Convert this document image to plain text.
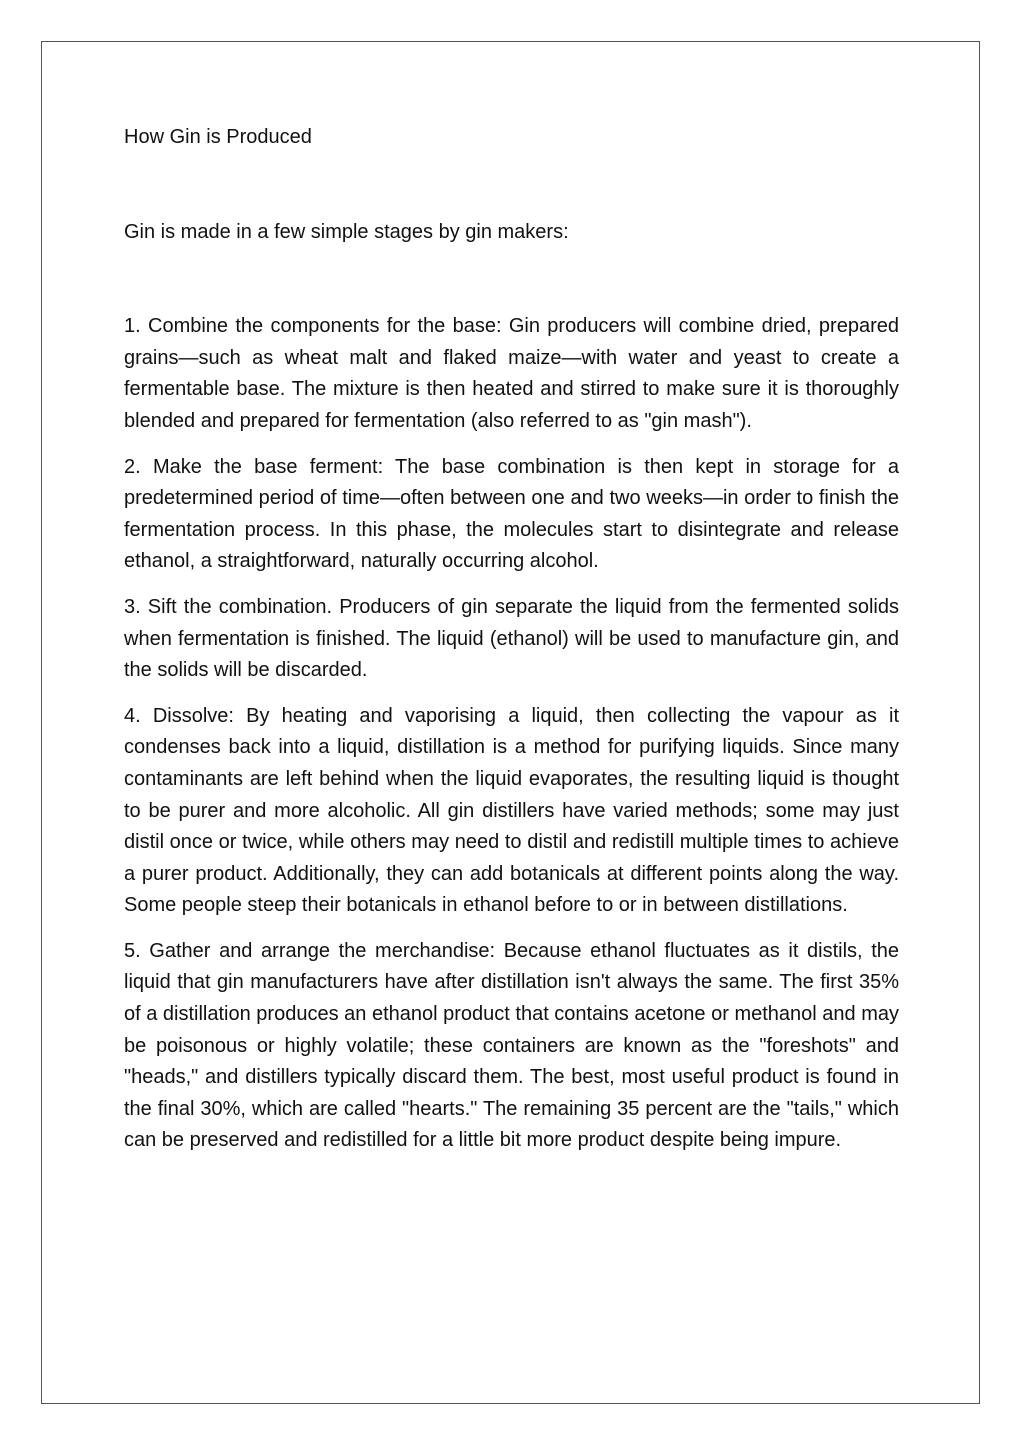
How Gin is Produced

Gin is made in a few simple stages by gin makers:

1. Combine the components for the base: Gin producers will combine dried, prepared grains—such as wheat malt and flaked maize—with water and yeast to create a fermentable base. The mixture is then heated and stirred to make sure it is thoroughly blended and prepared for fermentation (also referred to as "gin mash").

2. Make the base ferment: The base combination is then kept in storage for a predetermined period of time—often between one and two weeks—in order to finish the fermentation process. In this phase, the molecules start to disintegrate and release ethanol, a straightforward, naturally occurring alcohol.

3. Sift the combination. Producers of gin separate the liquid from the fermented solids when fermentation is finished. The liquid (ethanol) will be used to manufacture gin, and the solids will be discarded.

4. Dissolve: By heating and vaporising a liquid, then collecting the vapour as it condenses back into a liquid, distillation is a method for purifying liquids. Since many contaminants are left behind when the liquid evaporates, the resulting liquid is thought to be purer and more alcoholic. All gin distillers have varied methods; some may just distil once or twice, while others may need to distil and redistill multiple times to achieve a purer product. Additionally, they can add botanicals at different points along the way. Some people steep their botanicals in ethanol before to or in between distillations.

5. Gather and arrange the merchandise: Because ethanol fluctuates as it distils, the liquid that gin manufacturers have after distillation isn't always the same. The first 35% of a distillation produces an ethanol product that contains acetone or methanol and may be poisonous or highly volatile; these containers are known as the "foreshots" and "heads," and distillers typically discard them. The best, most useful product is found in the final 30%, which are called "hearts." The remaining 35 percent are the "tails," which can be preserved and redistilled for a little bit more product despite being impure.
